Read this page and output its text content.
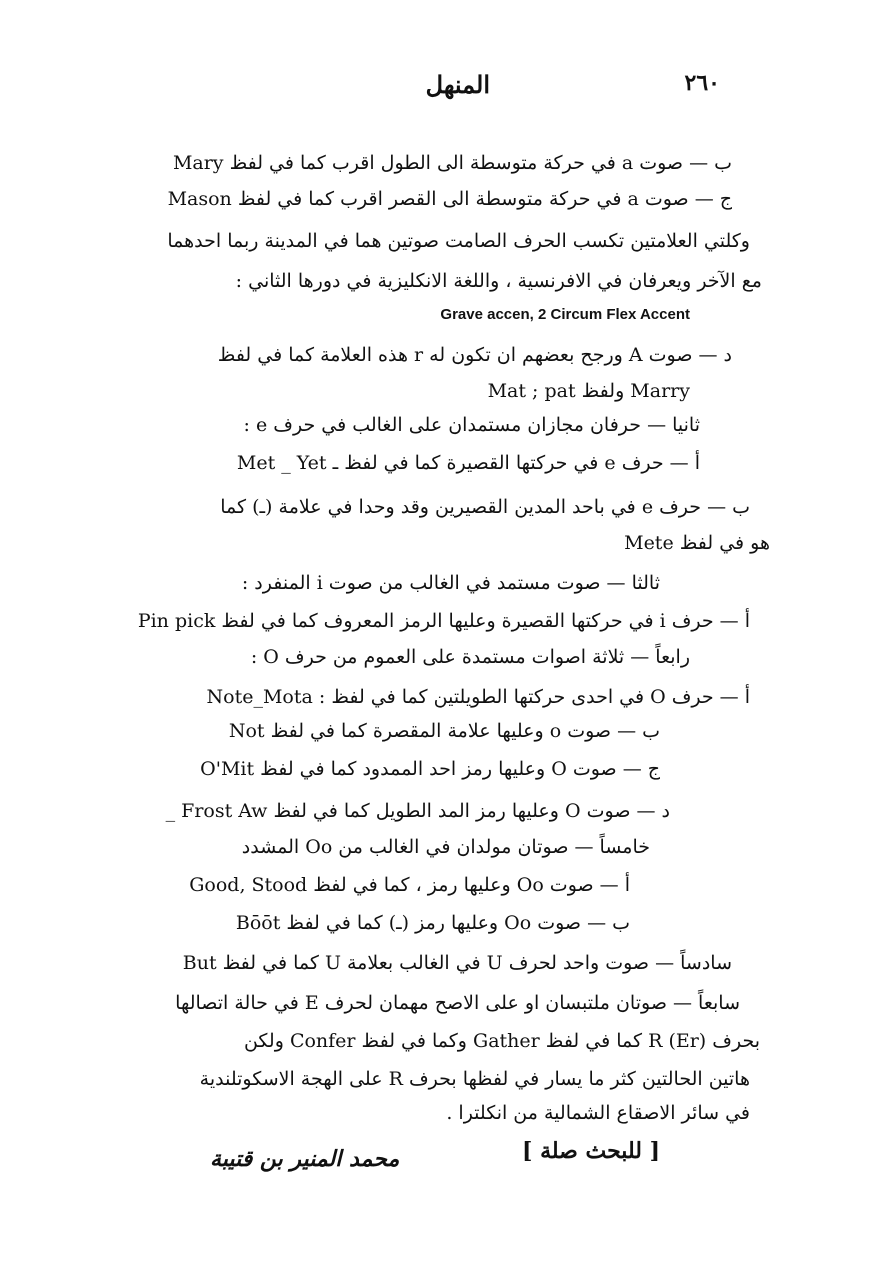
٢٦٠
المنهل
ب — صوت a في حركة متوسطة الى الطول اقرب كما في لفظ Mary
ج — صوت a في حركة متوسطة الى القصر اقرب كما في لفظ Mason
وكلتي العلامتين تكسب الحرف الصامت صوتين هما في المدينة ربما احدهما
مع الآخر ويعرفان في الافرنسية ، واللغة الانكليزية في دورها الثاني :
Grave accen, 2 Circum Flex Accent
د — صوت A ورجح بعضهم ان تكون له r هذه العلامة كما في لفظ
Mat ; pat ولفظ Marry
ثانيا — حرفان مجازان مستمدان على الغالب في حرف e :
أ — حرف e في حركتها القصيرة كما في لفظ ـ Met _ Yet
ب — حرف e في باحد المدين القصيرين وقد وحدا في علامة (ـ) كما
هو في لفظ Mete
ثالثا — صوت مستمد في الغالب من صوت i المنفرد :
أ — حرف i في حركتها القصيرة وعليها الرمز المعروف كما في لفظ Pin pick
رابعاً — ثلاثة اصوات مستمدة على العموم من حرف O :
أ — حرف O في احدى حركتها الطويلتين كما في لفظ : Note_Mota
ب — صوت o وعليها علامة المقصرة كما في لفظ Not
ج — صوت O وعليها رمز احد الممدود كما في لفظ O'Mit
د — صوت O وعليها رمز المد الطويل كما في لفظ Frost Aw _
خامساً — صوتان مولدان في الغالب من Oo المشدد
أ — صوت Oo وعليها رمز ، كما في لفظ Good, Stood
ب — صوت Oo وعليها رمز (ـ) كما في لفظ Bōōt
سادساً — صوت واحد لحرف U في الغالب بعلامة U كما في لفظ But
سابعاً — صوتان ملتبسان او على الاصح مهمان لحرف E في حالة اتصالها
بحرف R (Er) كما في لفظ Gather وكما في لفظ Confer ولكن
هاتين الحالتين كثر ما يسار في لفظها بحرف R على الهجة الاسكوتلندية
في سائر الاصقاع الشمالية من انكلترا .
[ للبحث صلة ]
محمد المنير بن قتيبة
